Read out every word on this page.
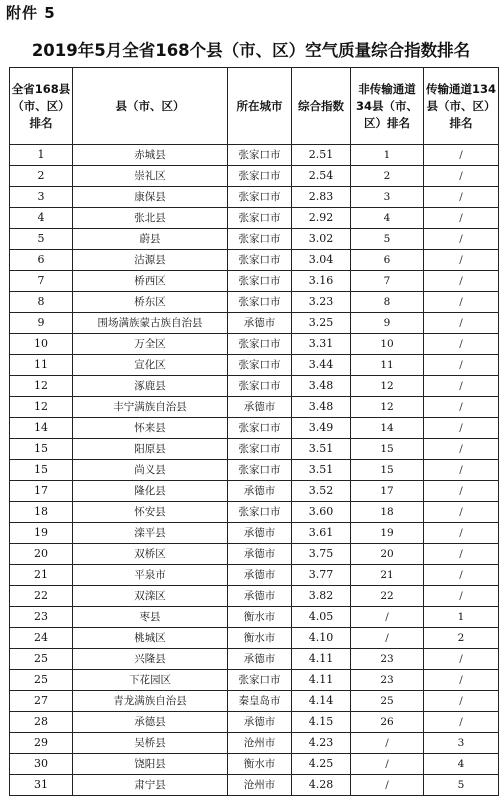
附件 5
2019年5月全省168个县（市、区）空气质量综合指数排名
全省168县（市、区）排名	县（市、区）	所在城市	综合指数	非传输通道34县（市、区）排名	传输通道134县（市、区）排名
1	赤城县	张家口市	2.51	1	/
2	崇礼区	张家口市	2.54	2	/
3	康保县	张家口市	2.83	3	/
4	张北县	张家口市	2.92	4	/
5	蔚县	张家口市	3.02	5	/
6	沽源县	张家口市	3.04	6	/
7	桥西区	张家口市	3.16	7	/
8	桥东区	张家口市	3.23	8	/
9	围场满族蒙古族自治县	承德市	3.25	9	/
10	万全区	张家口市	3.31	10	/
11	宣化区	张家口市	3.44	11	/
12	涿鹿县	张家口市	3.48	12	/
12	丰宁满族自治县	承德市	3.48	12	/
14	怀来县	张家口市	3.49	14	/
15	阳原县	张家口市	3.51	15	/
15	尚义县	张家口市	3.51	15	/
17	隆化县	承德市	3.52	17	/
18	怀安县	张家口市	3.60	18	/
19	滦平县	承德市	3.61	19	/
20	双桥区	承德市	3.75	20	/
21	平泉市	承德市	3.77	21	/
22	双滦区	承德市	3.82	22	/
23	枣县	衡水市	4.05	/	1
24	桃城区	衡水市	4.10	/	2
25	兴隆县	承德市	4.11	23	/
25	下花园区	张家口市	4.11	23	/
27	青龙满族自治县	秦皇岛市	4.14	25	/
28	承德县	承德市	4.15	26	/
29	吴桥县	沧州市	4.23	/	3
30	饶阳县	衡水市	4.25	/	4
31	肃宁县	沧州市	4.28	/	5
